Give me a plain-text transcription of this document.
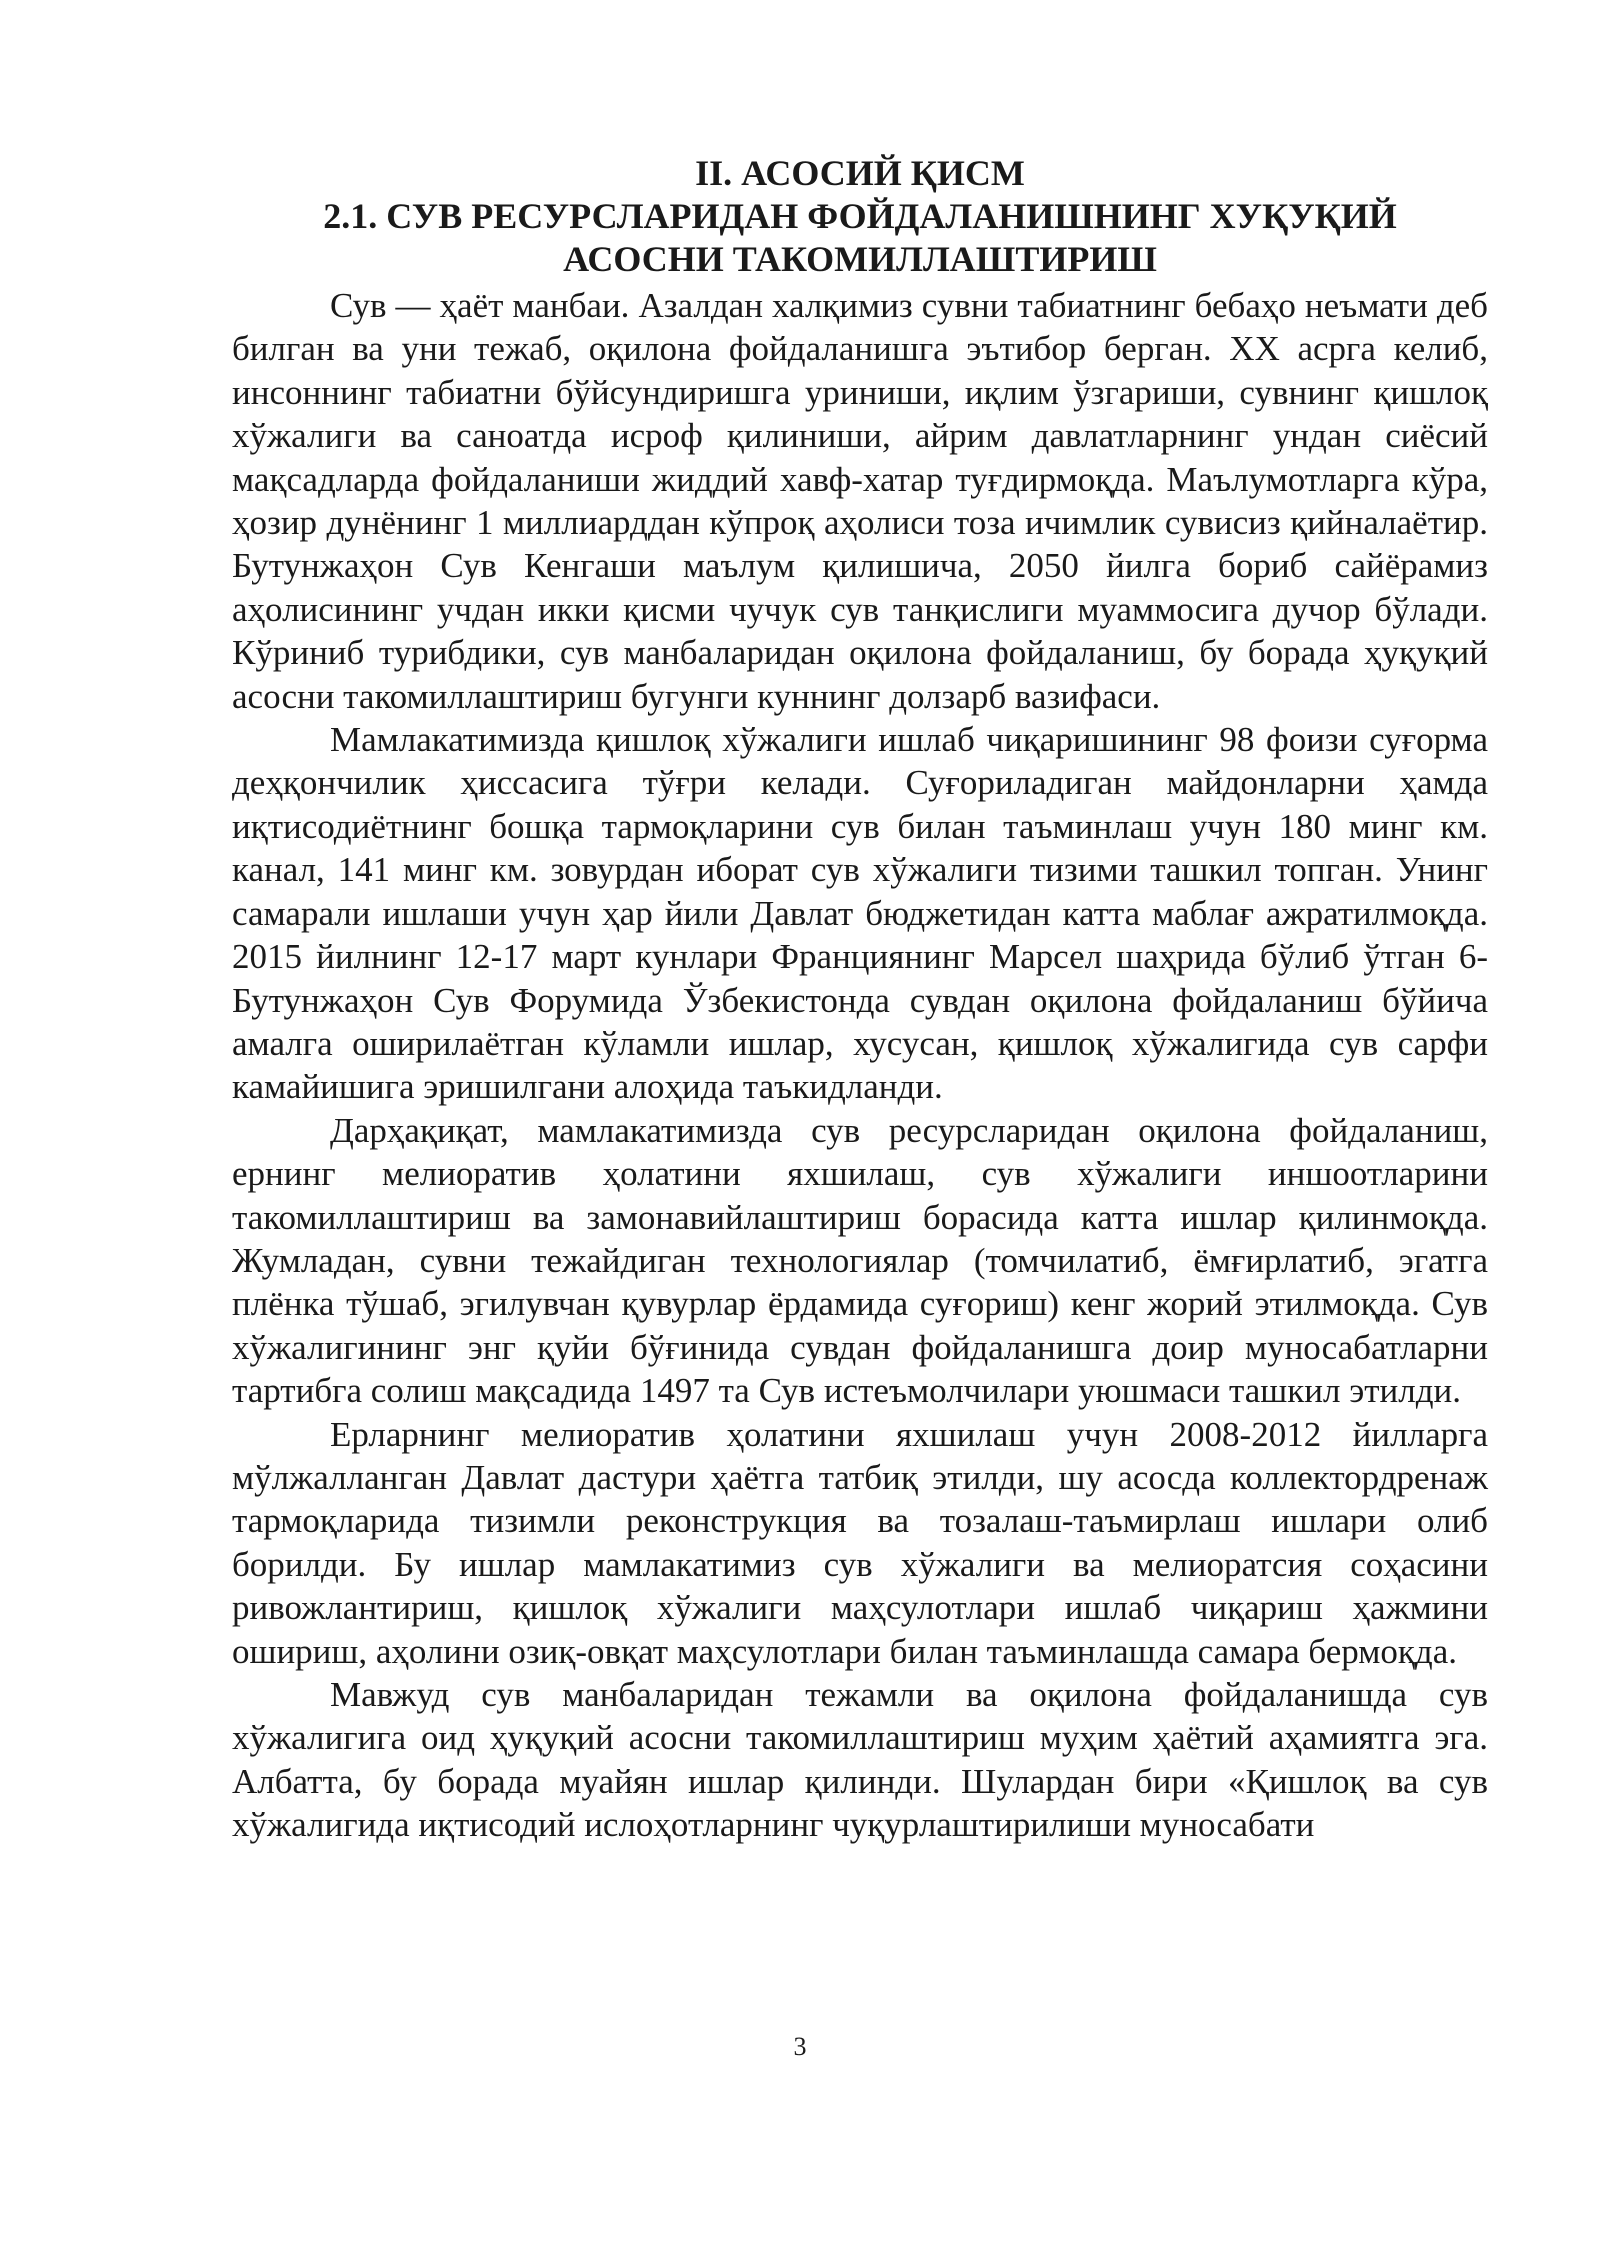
II. АСОСИЙ ҚИСМ

2.1. СУВ РЕСУРСЛАРИДАН ФОЙДАЛАНИШНИНГ ХУҚУҚИЙ

АСОСНИ ТАКОМИЛЛАШТИРИШ

Сув — ҳаёт манбаи. Азалдан халқимиз сувни табиатнинг бебаҳо неъмати деб билган ва уни тежаб, оқилона фойдаланишга эътибор берган. XX асрга келиб, инсоннинг табиатни бўйсундиришга уриниши, иқлим ўзгариши, сувнинг қишлоқ хўжалиги ва саноатда исроф қилиниши, айрим давлатларнинг ундан сиёсий мақсадларда фойдаланиши жиддий хавф-хатар туғдирмоқда. Маълумотларга кўра, ҳозир дунёнинг 1 миллиарддан кўпроқ аҳолиси тоза ичимлик сувисиз қийналаётир. Бутунжаҳон Сув Кенгаши маълум қилишича, 2050 йилга бориб сайёрамиз аҳолисининг учдан икки қисми чучук сув танқислиги муаммосига дучор бўлади. Кўриниб турибдики, сув манбаларидан оқилона фойдаланиш, бу борада ҳуқуқий асосни такомиллаштириш бугунги куннинг долзарб вазифаси.

Мамлакатимизда қишлоқ хўжалиги ишлаб чиқаришининг 98 фоизи суғорма деҳқончилик ҳиссасига тўғри келади. Суғориладиган майдонларни ҳамда иқтисодиётнинг бошқа тармоқларини сув билан таъминлаш учун 180 минг км. канал, 141 минг км. зовурдан иборат сув хўжалиги тизими ташкил топган. Унинг самарали ишлаши учун ҳар йили Давлат бюджетидан катта маблағ ажратилмоқда. 2015 йилнинг 12-17 март кунлари Франциянинг Марсел шаҳрида бўлиб ўтган 6-Бутунжаҳон Сув Форумида Ўзбекистонда сувдан оқилона фойдаланиш бўйича амалга оширилаётган кўламли ишлар, хусусан, қишлоқ хўжалигида сув сарфи камайишига эришилгани алоҳида таъкидланди.

Дарҳақиқат, мамлакатимизда сув ресурсларидан оқилона фойдаланиш, ернинг мелиоратив ҳолатини яхшилаш, сув хўжалиги иншоотларини такомиллаштириш ва замонавийлаштириш борасида катта ишлар қилинмоқда. Жумладан, сувни тежайдиган технологиялар (томчилатиб, ёмғирлатиб, эгатга плёнка тўшаб, эгилувчан қувурлар ёрдамида суғориш) кенг жорий этилмоқда. Сув хўжалигининг энг қуйи бўғинида сувдан фойдаланишга доир муносабатларни тартибга солиш мақсадида 1497 та Сув истеъмолчилари уюшмаси ташкил этилди.

Ерларнинг мелиоратив ҳолатини яхшилаш учун 2008-2012 йилларга мўлжалланган Давлат дастури ҳаётга татбиқ этилди, шу асосда коллектордренаж тармоқларида тизимли реконструкция ва тозалаш-таъмирлаш ишлари олиб борилди. Бу ишлар мамлакатимиз сув хўжалиги ва мелиоратсия соҳасини ривожлантириш, қишлоқ хўжалиги маҳсулотлари ишлаб чиқариш ҳажмини ошириш, аҳолини озиқ-овқат маҳсулотлари билан таъминлашда самара бермоқда.

Мавжуд сув манбаларидан тежамли ва оқилона фойдаланишда сув хўжалигига оид ҳуқуқий асосни такомиллаштириш муҳим ҳаётий аҳамиятга эга. Албатта, бу борада муайян ишлар қилинди. Шулардан бири «Қишлоқ ва сув хўжалигида иқтисодий ислоҳотларнинг чуқурлаштирилиши муносабати

3
